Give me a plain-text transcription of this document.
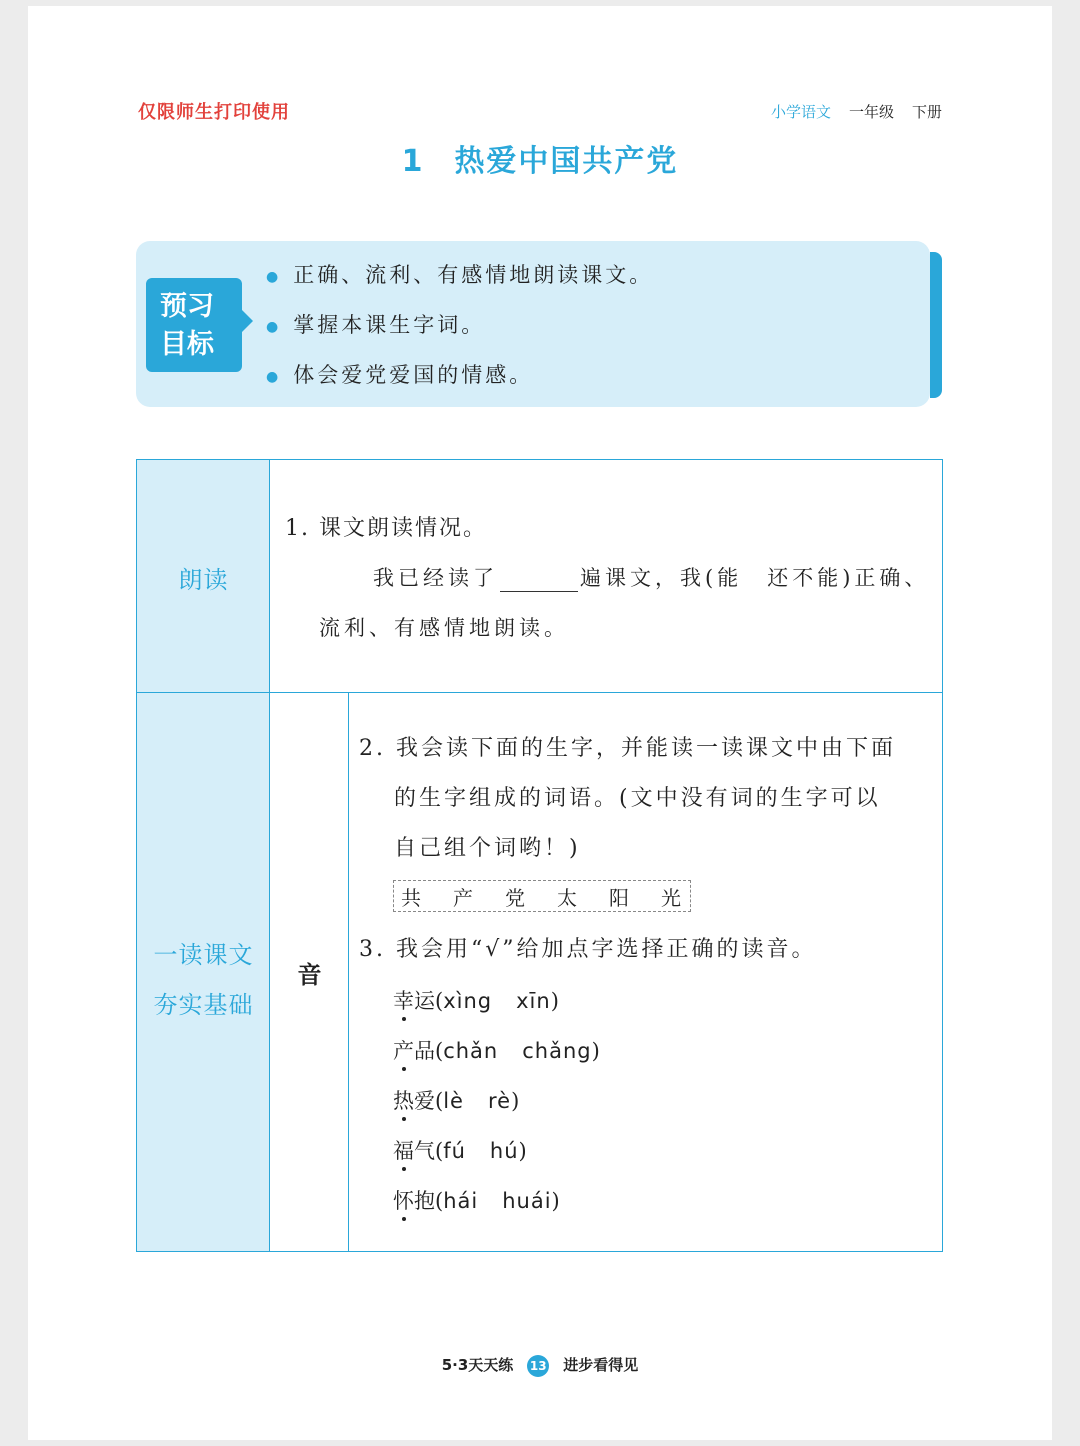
仅限师生打印使用	小学语文 一年级 下册
1 热爱中国共产党
预习
目标
● 正确、流利、有感情地朗读课文。
● 掌握本课生字词。
● 体会爱党爱国的情感。
朗读
一读课文
夯实基础
音
1. 课文朗读情况。
我已经读了	遍课文，我(能　还不能)正确、
流利、有感情地朗读。
2. 我会读下面的生字，并能读一读课文中由下面
的生字组成的词语。(文中没有词的生字可以
自己组个词哟！)
共 产 党 太 阳 光
3. 我会用“√”给加点字选择正确的读音。
幸运(xìng xīn)
产品(chǎn chǎng)
热爱(lè rè)
福气(fú hú)
怀抱(hái huái)
5·3天天练 13 进步看得见
